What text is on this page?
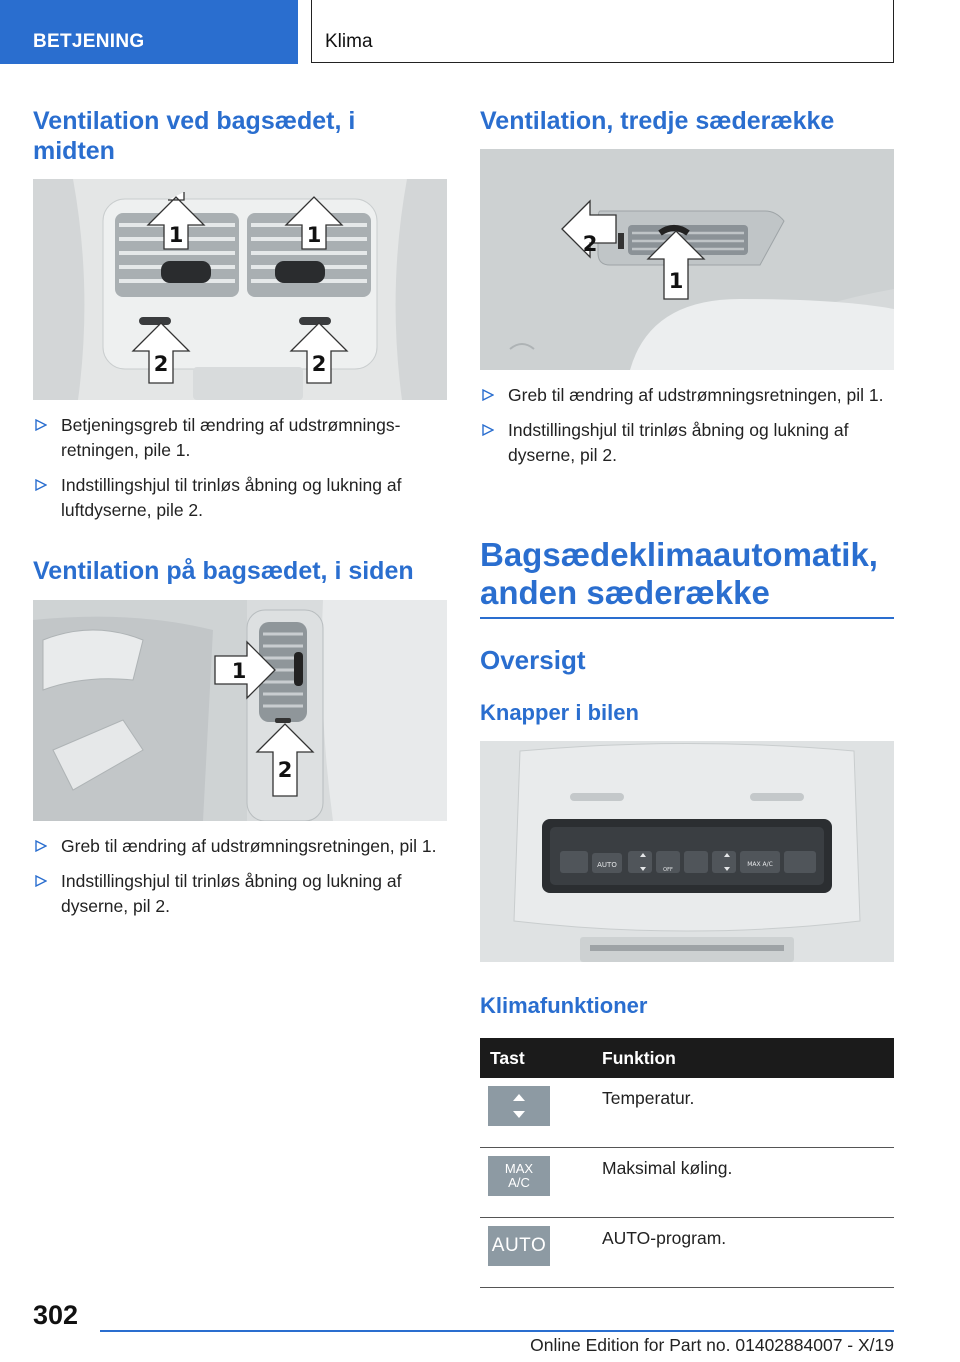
BETJENING	Klima
Ventilation ved bagsædet, i midten
1	1
2	2
Betjeningsgreb til ændring af udstrømningsretningen, pile 1.
Indstillingshjul til trinløs åbning og lukning af luftdyserne, pile 2.
Ventilation på bagsædet, i siden
1
2
Greb til ændring af udstrømningsretningen, pil 1.
Indstillingshjul til trinløs åbning og lukning af dyserne, pil 2.
Ventilation, tredje sæderække
2
1
Greb til ændring af udstrømningsretningen, pil 1.
Indstillingshjul til trinløs åbning og lukning af dyserne, pil 2.
Bagsædeklimaautomatik, anden sæderække
Oversigt
Knapper i bilen
AUTO	MAX A/C
OFF
Klimafunktioner
Tast	Funktion

	Temperatur.

MAX
A/C	Maksimal køling.

AUTO	AUTO-program.
302
Online Edition for Part no. 01402884007 - X/19
